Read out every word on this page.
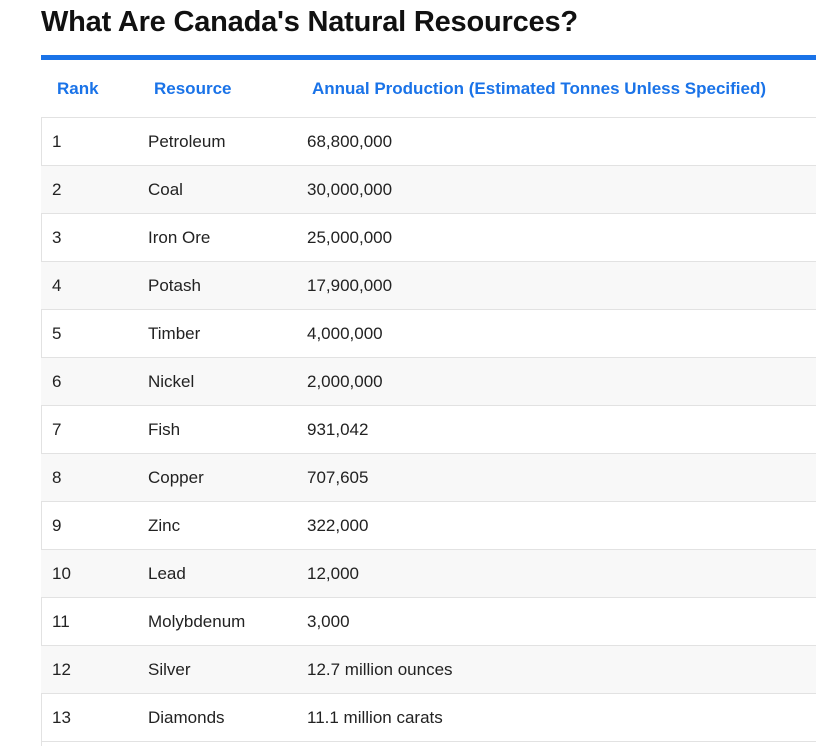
What Are Canada's Natural Resources?
Rank	Resource	Annual Production (Estimated Tonnes Unless Specified)
1	Petroleum	68,800,000
2	Coal	30,000,000
3	Iron Ore	25,000,000
4	Potash	17,900,000
5	Timber	4,000,000
6	Nickel	2,000,000
7	Fish	931,042
8	Copper	707,605
9	Zinc	322,000
10	Lead	12,000
11	Molybdenum	3,000
12	Silver	12.7 million ounces
13	Diamonds	11.1 million carats
